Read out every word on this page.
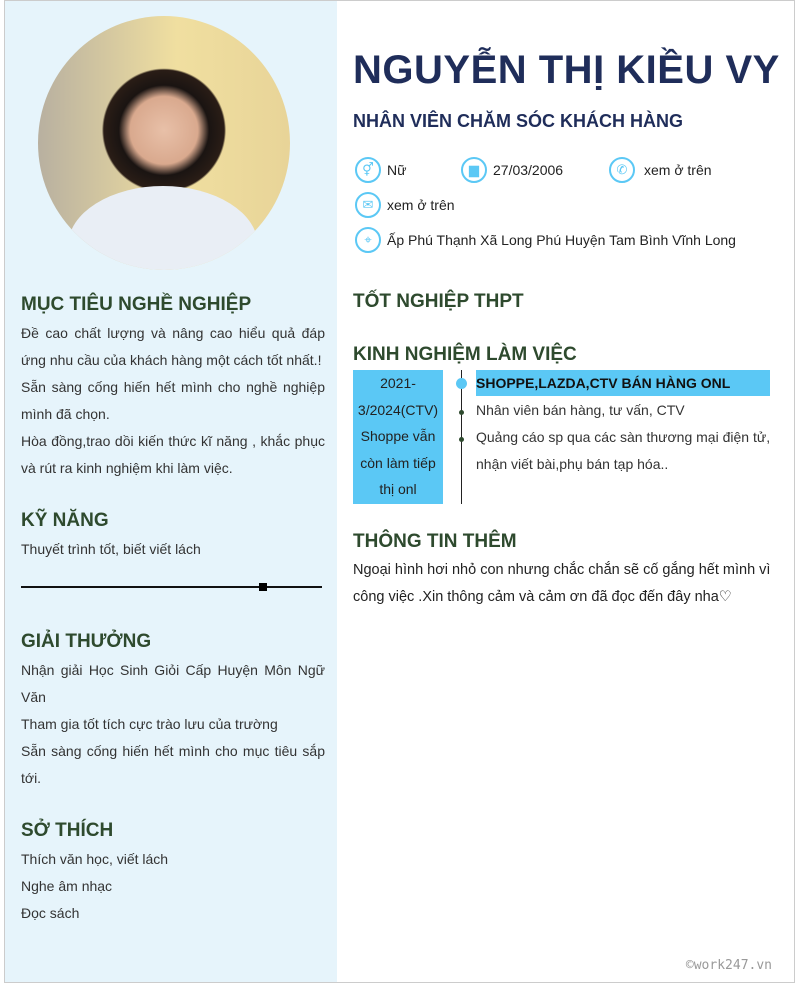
MỤC TIÊU NGHỀ NGHIỆP
Đề cao chất lượng và nâng cao hiểu quả đáp ứng nhu cầu của khách hàng một cách tốt nhất.!
Sẵn sàng cống hiến hết mình cho nghề nghiệp mình đã chọn.
Hòa đồng,trao dồi kiến thức kĩ năng , khắc phục và rút ra kinh nghiệm khi làm việc.
KỸ NĂNG
Thuyết trình tốt, biết viết lách
GIẢI THƯỞNG
Nhận giải Học Sinh Giỏi Cấp Huyện Môn Ngữ Văn
Tham gia tốt tích cực trào lưu của trường
Sẵn sàng cống hiến hết mình cho mục tiêu sắp tới.
SỞ THÍCH
Thích văn học, viết lách
Nghe âm nhạc
Đọc sách
NGUYỄN THỊ KIỀU VY
NHÂN VIÊN CHĂM SÓC KHÁCH HÀNG
⚥ Nữ	▆	27/03/2006	✆	xem ở trên
✉ xem ở trên
⌖	Ấp Phú Thạnh Xã Long Phú Huyện Tam Bình Vĩnh Long
TỐT NGHIỆP THPT
KINH NGHIỆM LÀM VIỆC
2021-3/2024(CTV) Shoppe vẫn còn làm tiếp thị onl
SHOPPE,LAZDA,CTV BÁN HÀNG ONL
Nhân viên bán hàng, tư vấn, CTV
Quảng cáo sp qua các sàn thương mại điện tử, nhận viết bài,phụ bán tạp hóa..
THÔNG TIN THÊM
Ngoại hình hơi nhỏ con nhưng chắc chắn sẽ cố gắng hết mình vì công việc .Xin thông cảm và cảm ơn đã đọc đến đây nha♡
©work247.vn
